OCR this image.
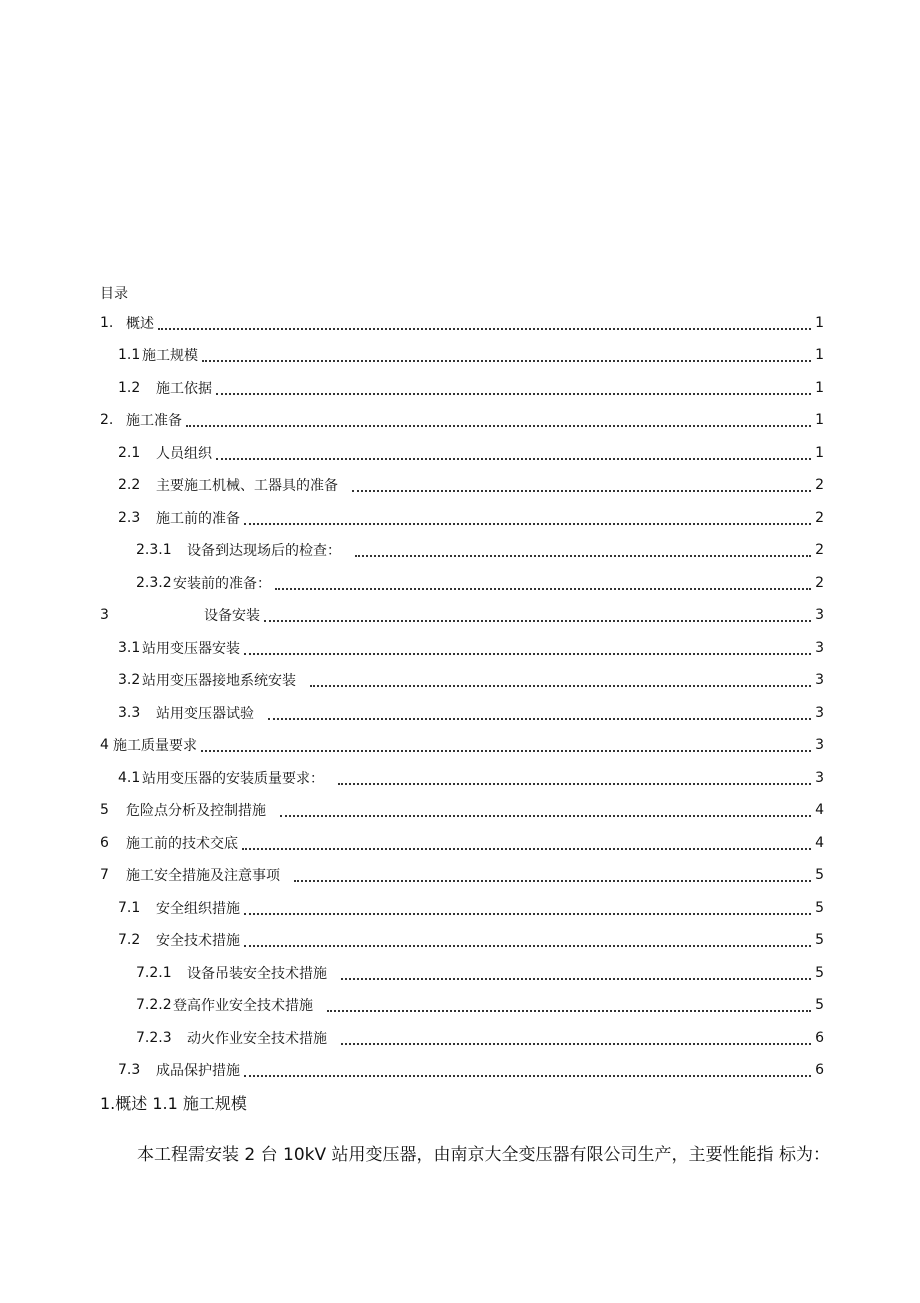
目录
1. 概述	1
1.1 施工规模	1
1.2	施工依据	1
2. 施工准备	1
2.1	人员组织	1
2.2	主要施工机械、工器具的准备	2
2.3	施工前的准备	2
2.3.1	设备到达现场后的检查：	2
2.3.2 安装前的准备：	2
3	设备安装	3
3.1 站用变压器安装	3
3.2 站用变压器接地系统安装	3
3.3	站用变压器试验	3
4 施工质量要求	3
4.1 站用变压器的安装质量要求：	3
5	危险点分析及控制措施	4
6	施工前的技术交底	4
7	施工安全措施及注意事项	5
7.1	安全组织措施	5
7.2	安全技术措施	5
7.2.1	设备吊装安全技术措施	5
7.2.2 登高作业安全技术措施	5
7.2.3	动火作业安全技术措施	6
7.3	成品保护措施	6
1.概述 1.1 施工规模
本工程需安装 2 台 10kV 站用变压器，由南京大全变压器有限公司生产，主要性能指 标为：
